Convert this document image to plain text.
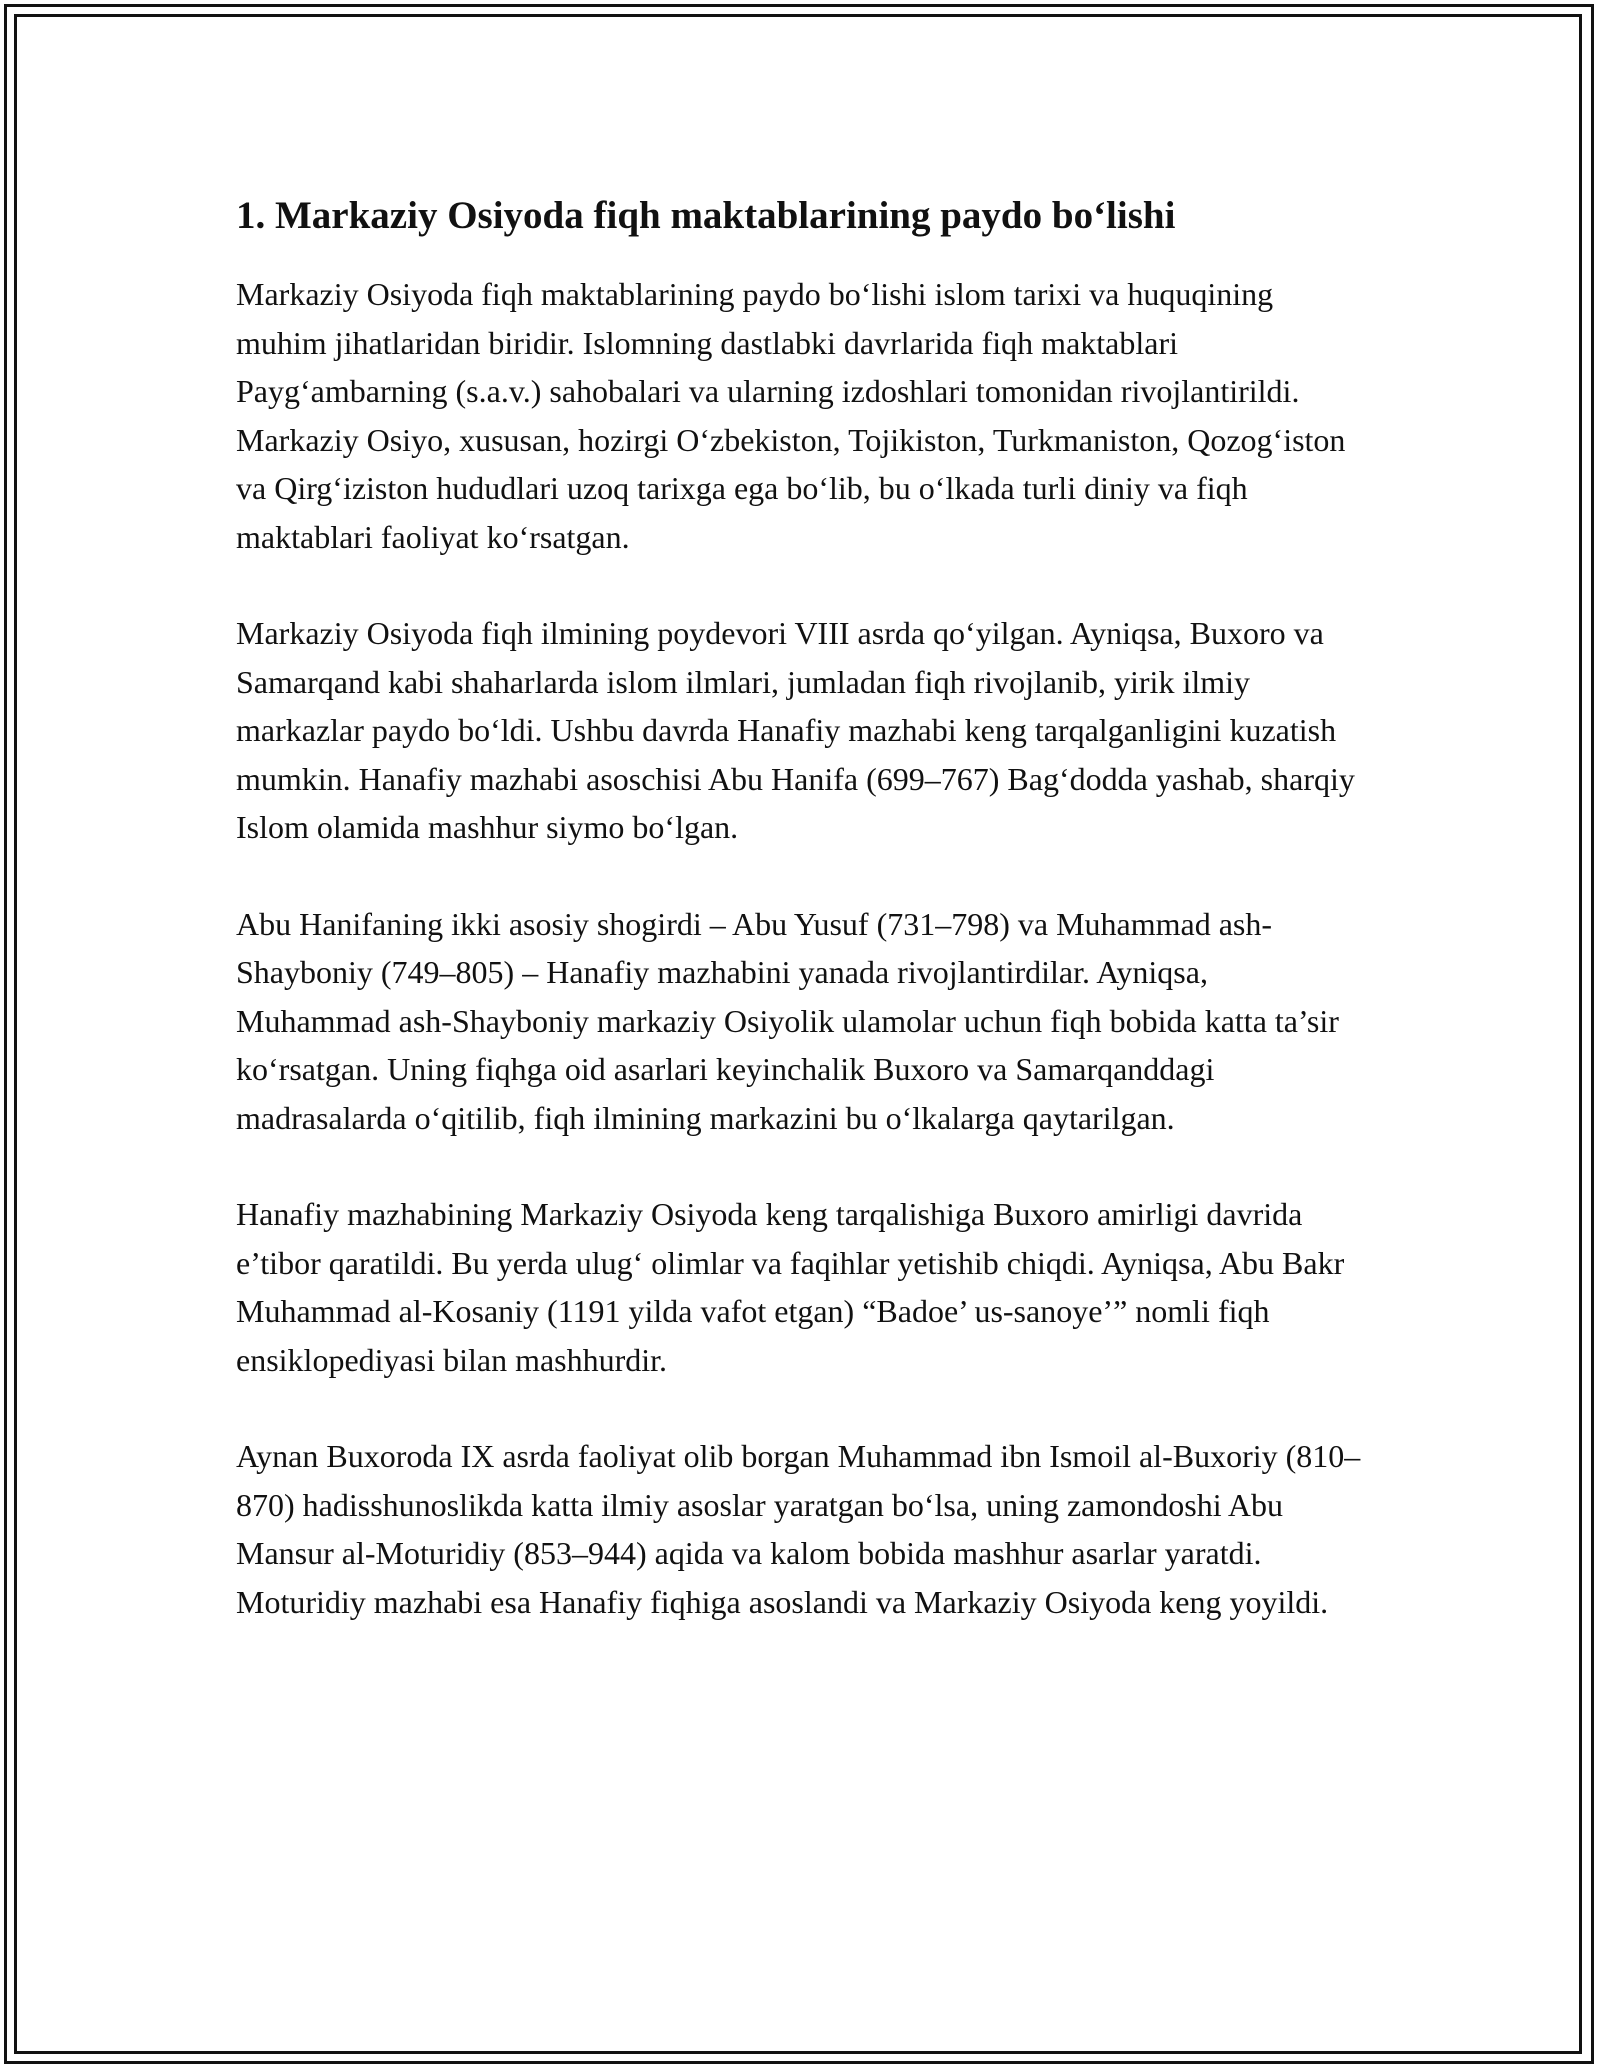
1. Markaziy Osiyoda fiqh maktablarining paydo bo‘lishi

Markaziy Osiyoda fiqh maktablarining paydo bo‘lishi islom tarixi va huquqining muhim jihatlaridan biridir. Islomning dastlabki davrlarida fiqh maktablari Payg‘ambarning (s.a.v.) sahobalari va ularning izdoshlari tomonidan rivojlantirildi. Markaziy Osiyo, xususan, hozirgi O‘zbekiston, Tojikiston, Turkmaniston, Qozog‘iston va Qirg‘iziston hududlari uzoq tarixga ega bo‘lib, bu o‘lkada turli diniy va fiqh maktablari faoliyat ko‘rsatgan.

Markaziy Osiyoda fiqh ilmining poydevori VIII asrda qo‘yilgan. Ayniqsa, Buxoro va Samarqand kabi shaharlarda islom ilmlari, jumladan fiqh rivojlanib, yirik ilmiy markazlar paydo bo‘ldi. Ushbu davrda Hanafiy mazhabi keng tarqalganligini kuzatish mumkin. Hanafiy mazhabi asoschisi Abu Hanifa (699–767) Bag‘dodda yashab, sharqiy Islom olamida mashhur siymo bo‘lgan.

Abu Hanifaning ikki asosiy shogirdi – Abu Yusuf (731–798) va Muhammad ash-Shayboniy (749–805) – Hanafiy mazhabini yanada rivojlantirdilar. Ayniqsa, Muhammad ash-Shayboniy markaziy Osiyolik ulamolar uchun fiqh bobida katta ta’sir ko‘rsatgan. Uning fiqhga oid asarlari keyinchalik Buxoro va Samarqanddagi madrasalarda o‘qitilib, fiqh ilmining markazini bu o‘lkalarga qaytarilgan.

Hanafiy mazhabining Markaziy Osiyoda keng tarqalishiga Buxoro amirligi davrida e’tibor qaratildi. Bu yerda ulug‘ olimlar va faqihlar yetishib chiqdi. Ayniqsa, Abu Bakr Muhammad al-Kosaniy (1191 yilda vafot etgan) “Badoe’ us-sanoye’” nomli fiqh ensiklopediyasi bilan mashhurdir.

Aynan Buxoroda IX asrda faoliyat olib borgan Muhammad ibn Ismoil al-Buxoriy (810–870) hadisshunoslikda katta ilmiy asoslar yaratgan bo‘lsa, uning zamondoshi Abu Mansur al-Moturidiy (853–944) aqida va kalom bobida mashhur asarlar yaratdi. Moturidiy mazhabi esa Hanafiy fiqhiga asoslandi va Markaziy Osiyoda keng yoyildi.
